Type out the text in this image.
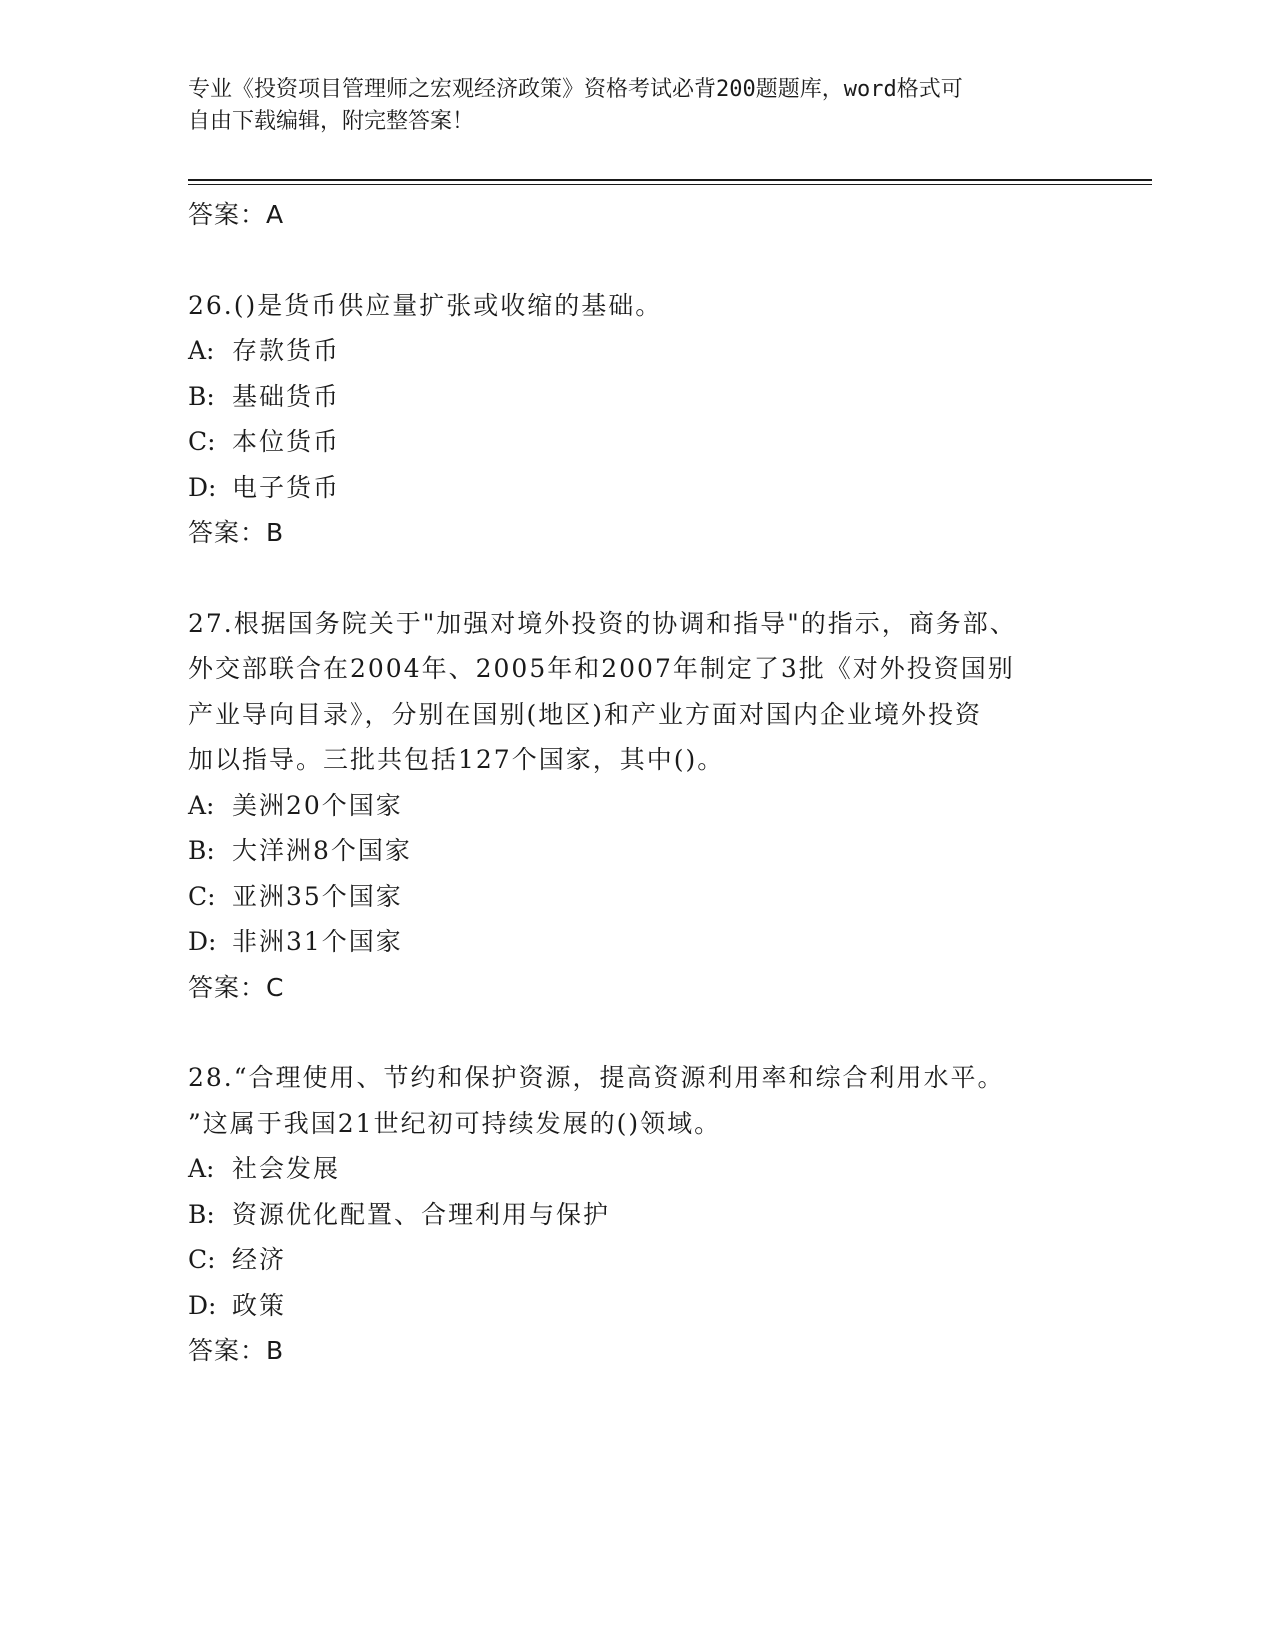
专业《投资项目管理师之宏观经济政策》资格考试必背200题题库，word格式可
自由下载编辑，附完整答案！
答案：A
26.()是货币供应量扩张或收缩的基础。
A: 存款货币
B: 基础货币
C: 本位货币
D: 电子货币
答案：B
27.根据国务院关于"加强对境外投资的协调和指导"的指示，商务部、
外交部联合在2004年、2005年和2007年制定了3批《对外投资国别
产业导向目录》，分别在国别(地区)和产业方面对国内企业境外投资
加以指导。三批共包括127个国家，其中()。
A: 美洲20个国家
B: 大洋洲8个国家
C: 亚洲35个国家
D: 非洲31个国家
答案：C
28.“合理使用、节约和保护资源，提高资源利用率和综合利用水平。
”这属于我国21世纪初可持续发展的()领域。
A: 社会发展
B: 资源优化配置、合理利用与保护
C: 经济
D: 政策
答案：B
